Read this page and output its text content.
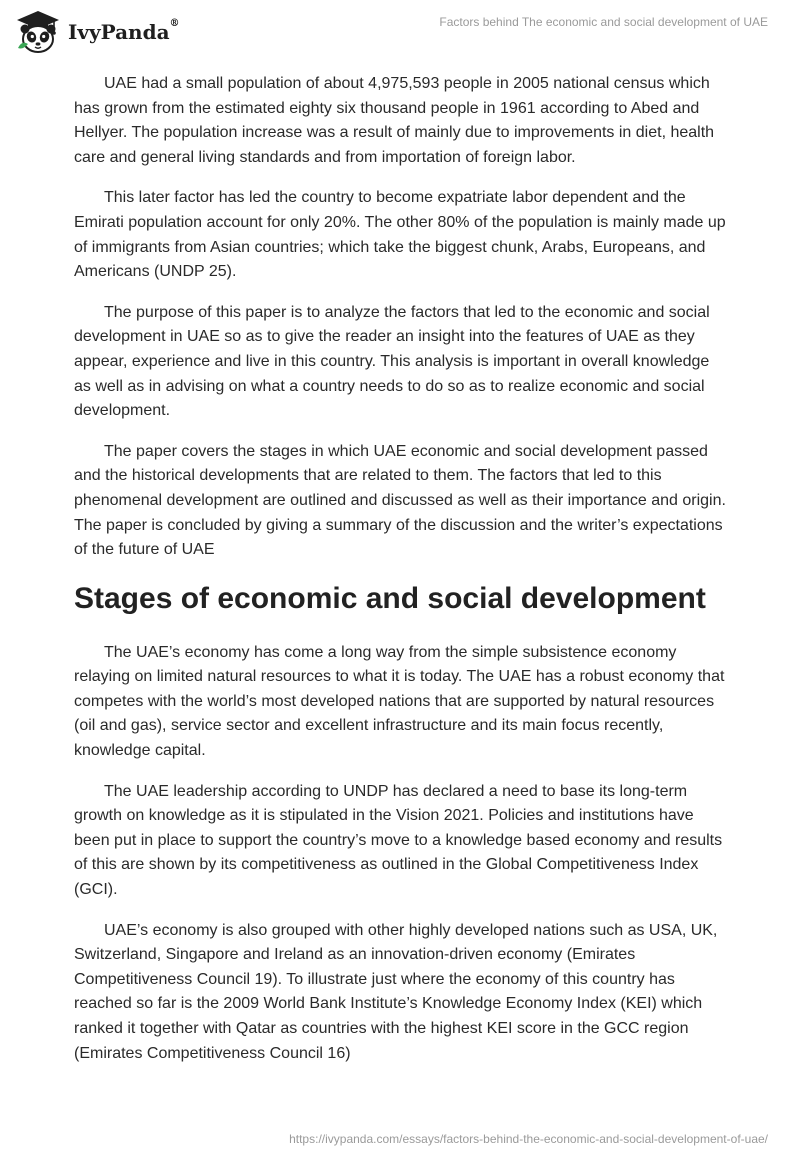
IvyPanda®	Factors behind The economic and social development of UAE

UAE had a small population of about 4,975,593 people in 2005 national census which has grown from the estimated eighty six thousand people in 1961 according to Abed and Hellyer. The population increase was a result of mainly due to improvements in diet, health care and general living standards and from importation of foreign labor.

This later factor has led the country to become expatriate labor dependent and the Emirati population account for only 20%. The other 80% of the population is mainly made up of immigrants from Asian countries; which take the biggest chunk, Arabs, Europeans, and Americans (UNDP 25).

The purpose of this paper is to analyze the factors that led to the economic and social development in UAE so as to give the reader an insight into the features of UAE as they appear, experience and live in this country. This analysis is important in overall knowledge as well as in advising on what a country needs to do so as to realize economic and social development.

The paper covers the stages in which UAE economic and social development passed and the historical developments that are related to them. The factors that led to this phenomenal development are outlined and discussed as well as their importance and origin. The paper is concluded by giving a summary of the discussion and the writer’s expectations of the future of UAE

Stages of economic and social development

The UAE’s economy has come a long way from the simple subsistence economy relaying on limited natural resources to what it is today. The UAE has a robust economy that competes with the world’s most developed nations that are supported by natural resources (oil and gas), service sector and excellent infrastructure and its main focus recently, knowledge capital.

The UAE leadership according to UNDP has declared a need to base its long-term growth on knowledge as it is stipulated in the Vision 2021. Policies and institutions have been put in place to support the country’s move to a knowledge based economy and results of this are shown by its competitiveness as outlined in the Global Competitiveness Index (GCI).

UAE’s economy is also grouped with other highly developed nations such as USA, UK, Switzerland, Singapore and Ireland as an innovation-driven economy (Emirates Competitiveness Council 19). To illustrate just where the economy of this country has reached so far is the 2009 World Bank Institute’s Knowledge Economy Index (KEI) which ranked it together with Qatar as countries with the highest KEI score in the GCC region (Emirates Competitiveness Council 16)

https://ivypanda.com/essays/factors-behind-the-economic-and-social-development-of-uae/
